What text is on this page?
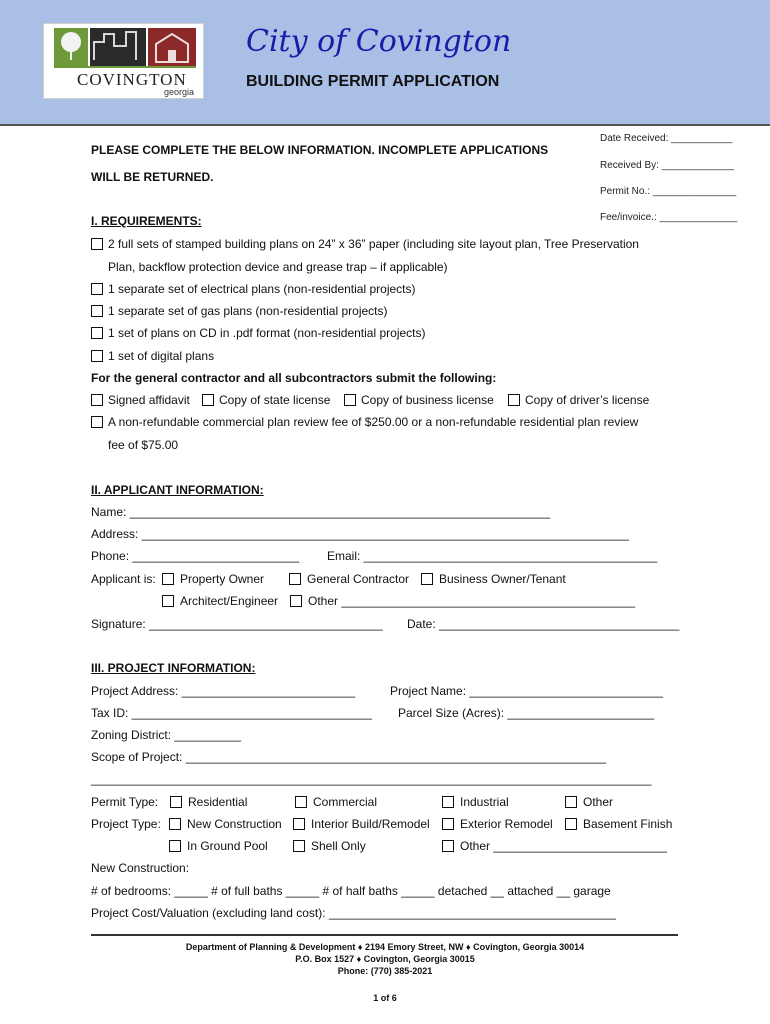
COVINGTON
georgia
City of Covington
BUILDING PERMIT APPLICATION
Date Received: ___________
Received By: _____________
Permit No.: _______________
Fee/invoice.: ______________
PLEASE COMPLETE THE BELOW INFORMATION. INCOMPLETE APPLICATIONS
WILL BE RETURNED.
I. REQUIREMENTS:
2 full sets of stamped building plans on 24” x 36” paper (including site layout plan, Tree Preservation
Plan, backflow protection device and grease trap – if applicable)
1 separate set of electrical plans (non-residential projects)
1 separate set of gas plans (non-residential projects)
1 set of plans on CD in .pdf format (non-residential projects)
1 set of digital plans
For the general contractor and all subcontractors submit the following:
Signed affidavit Copy of state license	Copy of business license	Copy of driver’s license
A non-refundable commercial plan review fee of $250.00 or a non-refundable residential plan review
fee of $75.00
II. APPLICANT INFORMATION:
Name: _______________________________________________________________
Address: _________________________________________________________________________
Phone: _________________________ Email: ____________________________________________
Applicant is: Property Owner	General Contractor Business Owner/Tenant
Architect/Engineer Other ____________________________________________
Signature: ___________________________________ Date: ____________________________________
III. PROJECT INFORMATION:
Project Address: __________________________	Project Name: _____________________________
Tax ID: ____________________________________ Parcel Size (Acres): ______________________
Zoning District: __________
Scope of Project: _______________________________________________________________
____________________________________________________________________________________
Permit Type: Residential	Commercial	Industrial	Other
Project Type: New Construction Interior Build/Remodel	Exterior Remodel	Basement Finish
In Ground Pool	Shell Only	Other __________________________
New Construction:
# of bedrooms: _____ # of full baths _____ # of half baths _____ detached __ attached __ garage
Project Cost/Valuation (excluding land cost): ___________________________________________
Department of Planning & Development ♦ 2194 Emory Street, NW ♦ Covington, Georgia 30014
P.O. Box 1527 ♦ Covington, Georgia 30015
Phone: (770) 385-2021
1 of 6
